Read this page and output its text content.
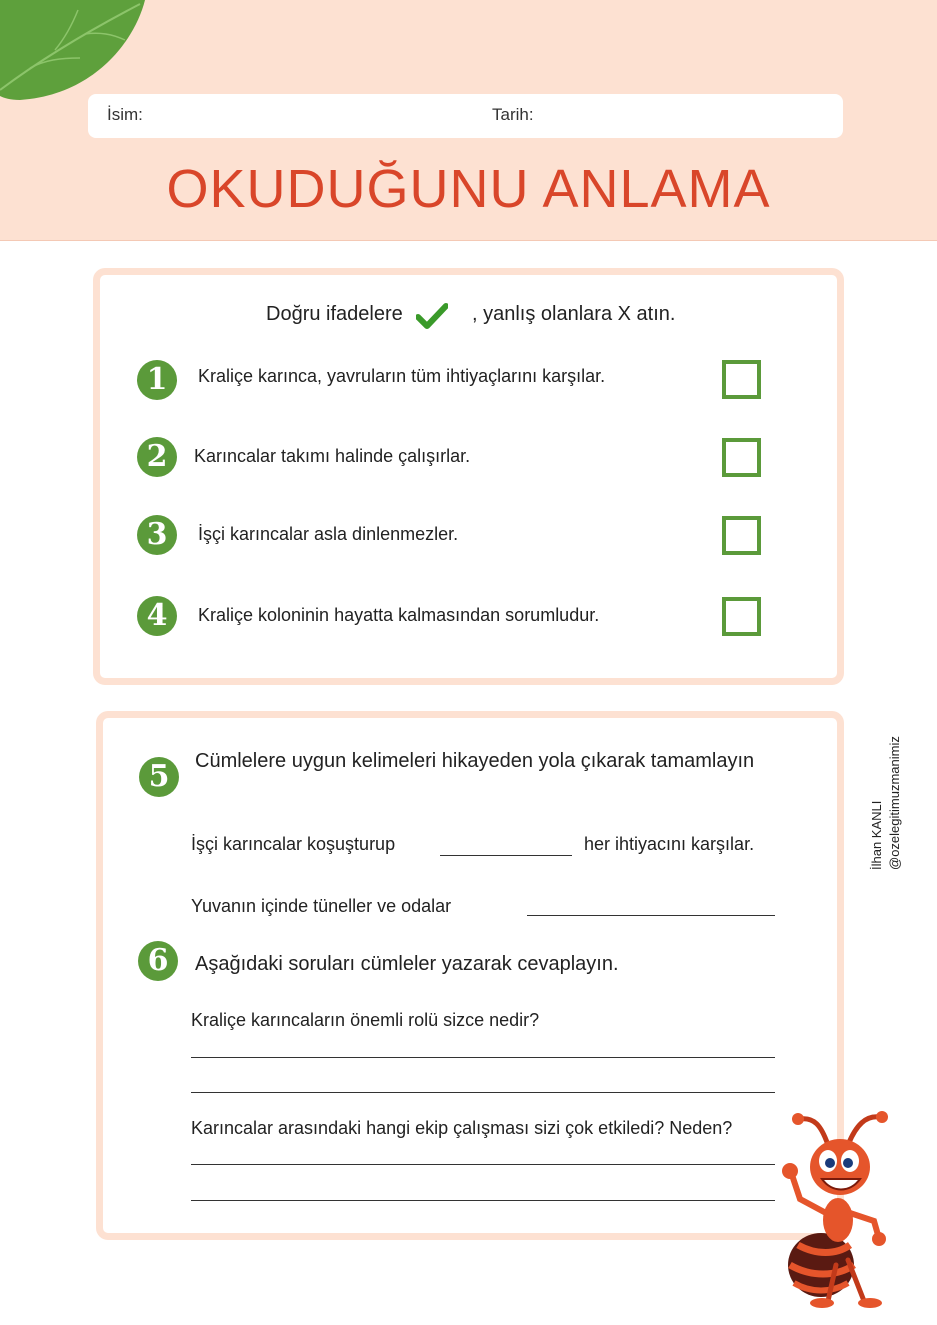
İsim:	Tarih:
OKUDUĞUNU ANLAMA
Doğru ifadelere	, yanlış olanlara X atın.
1	Kraliçe karınca, yavruların tüm ihtiyaçlarını karşılar.
2	Karıncalar takımı halinde çalışırlar.
3	İşçi karıncalar asla dinlenmezler.
4	Kraliçe koloninin hayatta kalmasından sorumludur.
5	Cümlelere uygun kelimeleri hikayeden yola çıkarak tamamlayın
İşçi karıncalar koşuşturup	her ihtiyacını karşılar.
Yuvanın içinde tüneller ve odalar
6	Aşağıdaki soruları cümleler yazarak cevaplayın.
Kraliçe karıncaların önemli rolü sizce nedir?
Karıncalar arasındaki hangi ekip çalışması sizi çok etkiledi? Neden?
İlhan KANLI @ozelegitimuzmanimiz
